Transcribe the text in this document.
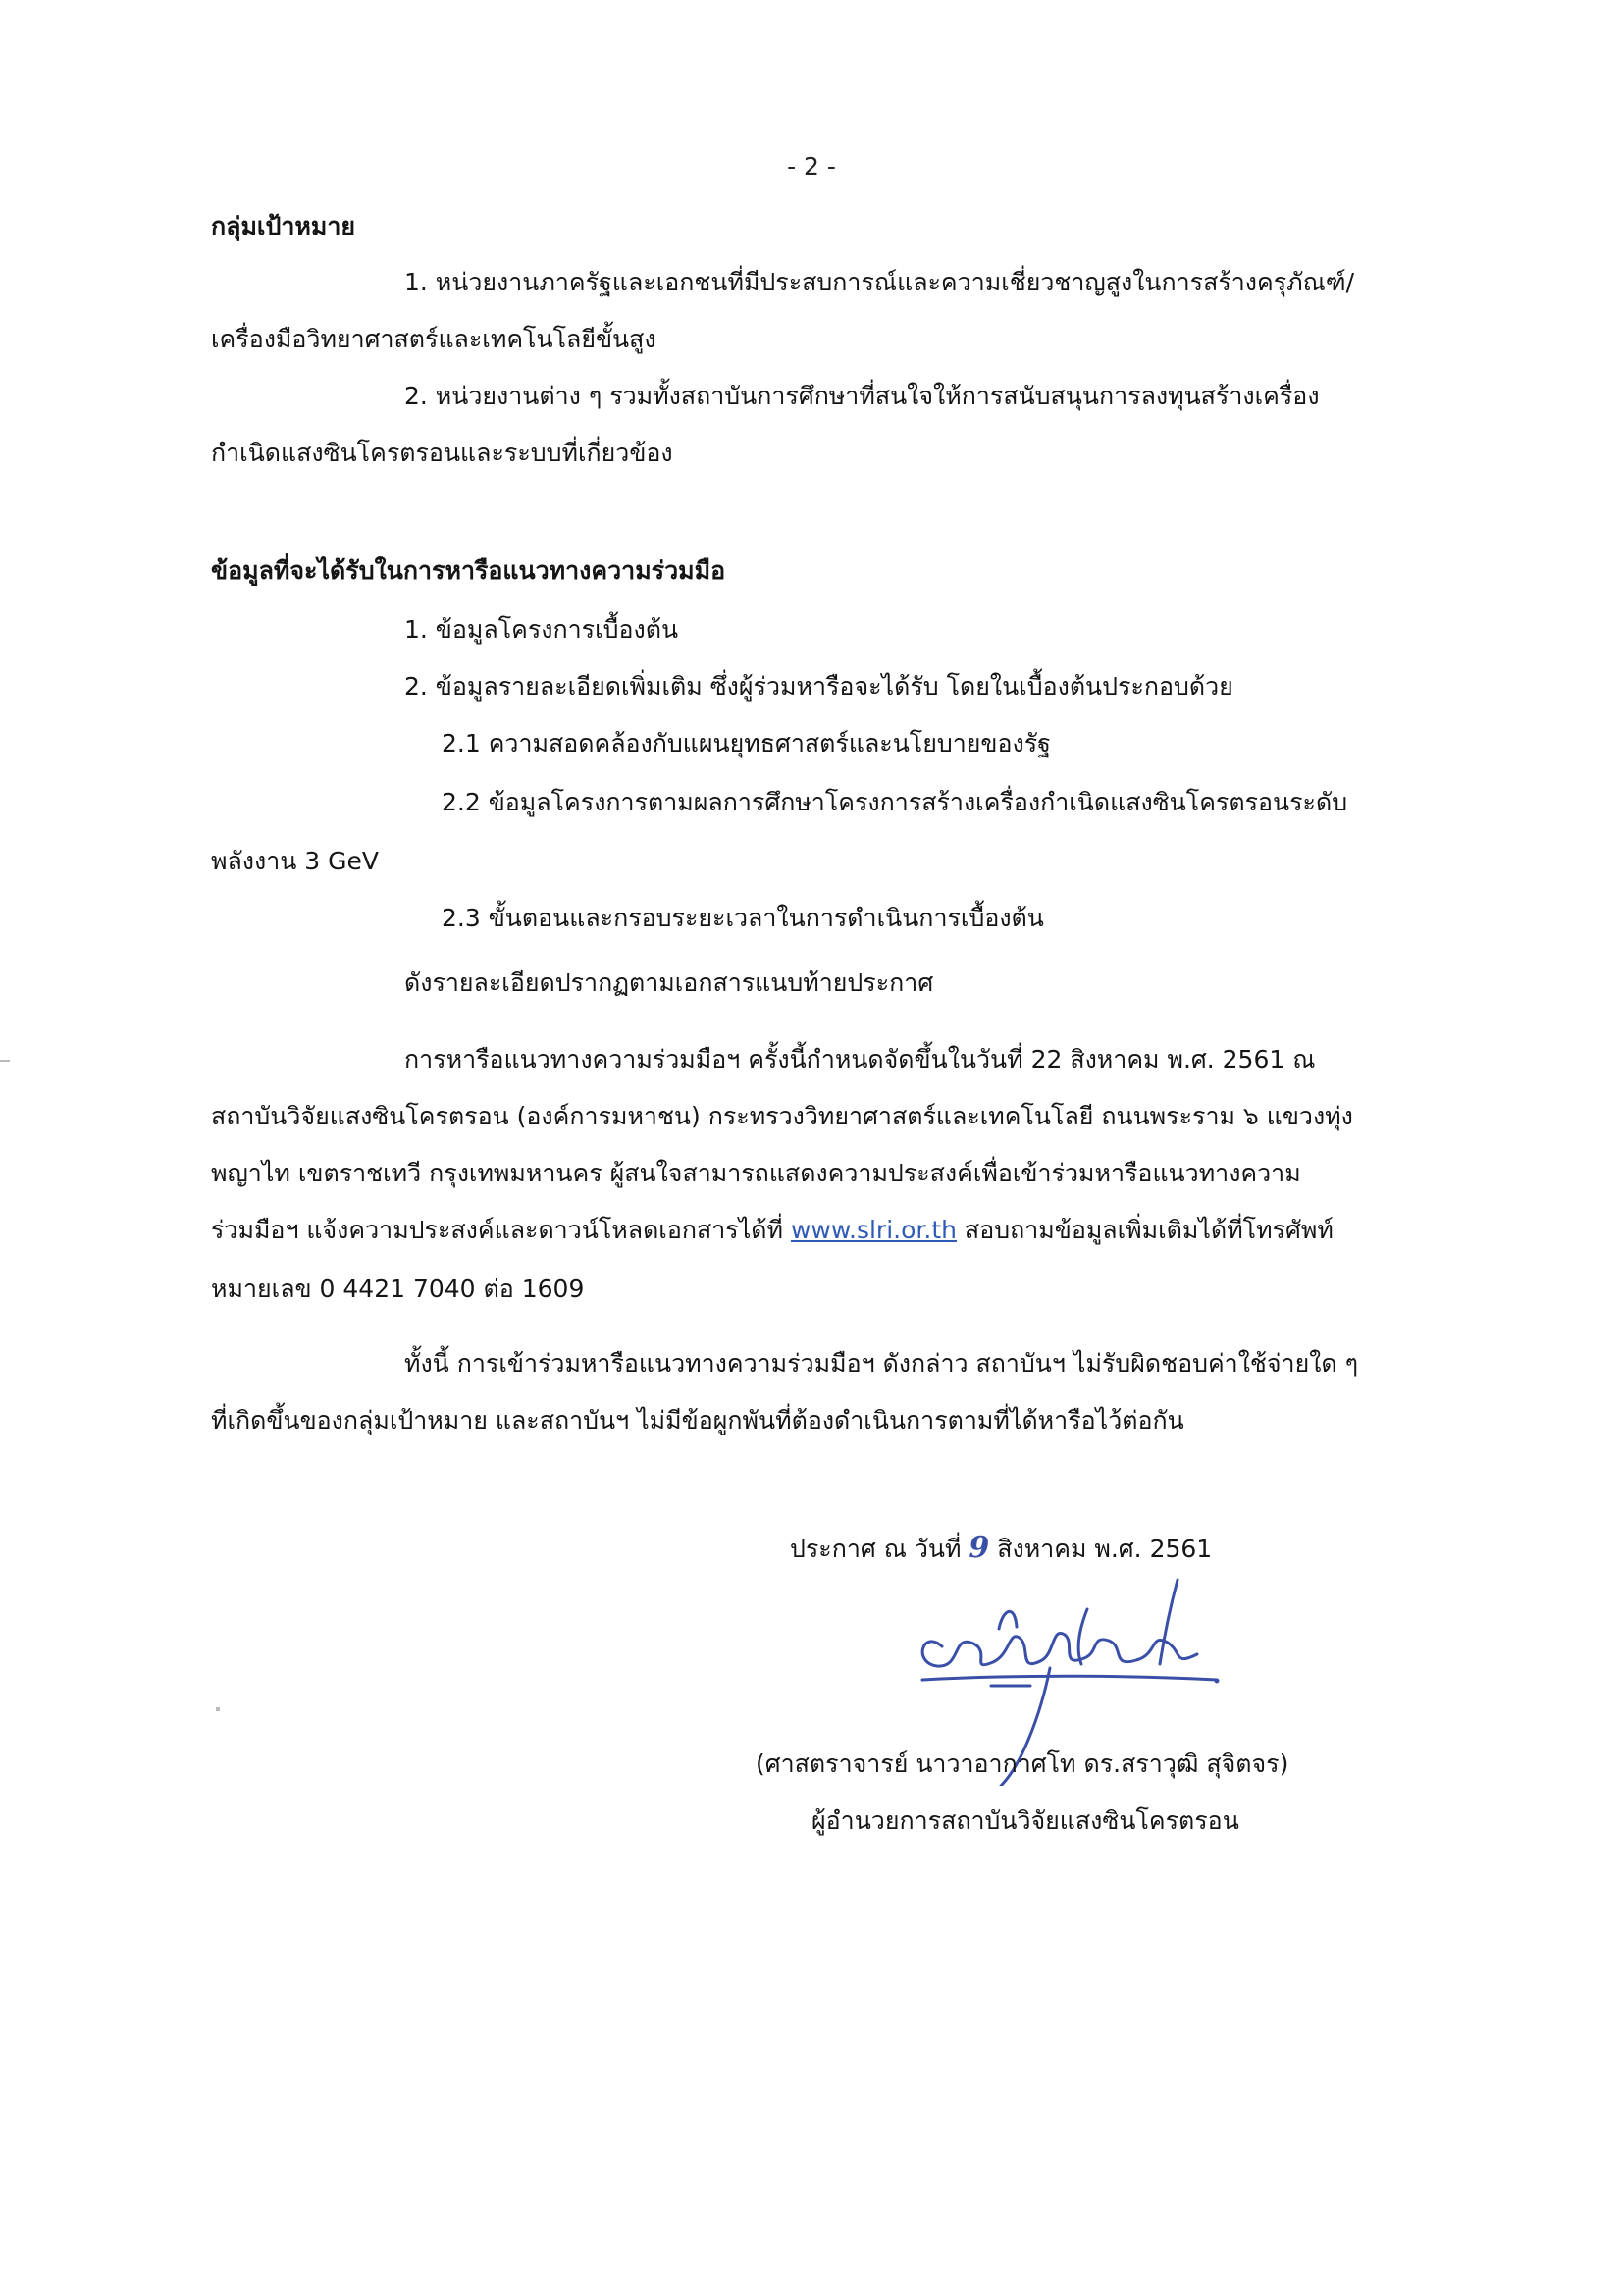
- 2 -
กลุ่มเป้าหมาย
1. หน่วยงานภาครัฐและเอกชนที่มีประสบการณ์และความเชี่ยวชาญสูงในการสร้างครุภัณฑ์/
เครื่องมือวิทยาศาสตร์และเทคโนโลยีขั้นสูง
2. หน่วยงานต่าง ๆ รวมทั้งสถาบันการศึกษาที่สนใจให้การสนับสนุนการลงทุนสร้างเครื่อง
กำเนิดแสงซินโครตรอนและระบบที่เกี่ยวข้อง
ข้อมูลที่จะได้รับในการหารือแนวทางความร่วมมือ
1. ข้อมูลโครงการเบื้องต้น
2. ข้อมูลรายละเอียดเพิ่มเติม ซึ่งผู้ร่วมหารือจะได้รับ โดยในเบื้องต้นประกอบด้วย
2.1 ความสอดคล้องกับแผนยุทธศาสตร์และนโยบายของรัฐ
2.2 ข้อมูลโครงการตามผลการศึกษาโครงการสร้างเครื่องกำเนิดแสงซินโครตรอนระดับ
พลังงาน 3 GeV
2.3 ขั้นตอนและกรอบระยะเวลาในการดำเนินการเบื้องต้น
ดังรายละเอียดปรากฏตามเอกสารแนบท้ายประกาศ
การหารือแนวทางความร่วมมือฯ ครั้งนี้กำหนดจัดขึ้นในวันที่ 22 สิงหาคม พ.ศ. 2561 ณ
สถาบันวิจัยแสงซินโครตรอน (องค์การมหาชน) กระทรวงวิทยาศาสตร์และเทคโนโลยี ถนนพระราม ๖ แขวงทุ่ง
พญาไท เขตราชเทวี กรุงเทพมหานคร ผู้สนใจสามารถแสดงความประสงค์เพื่อเข้าร่วมหารือแนวทางความ
ร่วมมือฯ แจ้งความประสงค์และดาวน์โหลดเอกสารได้ที่ www.slri.or.th สอบถามข้อมูลเพิ่มเติมได้ที่โทรศัพท์
หมายเลข 0 4421 7040 ต่อ 1609
ทั้งนี้ การเข้าร่วมหารือแนวทางความร่วมมือฯ ดังกล่าว สถาบันฯ ไม่รับผิดชอบค่าใช้จ่ายใด ๆ
ที่เกิดขึ้นของกลุ่มเป้าหมาย และสถาบันฯ ไม่มีข้อผูกพันที่ต้องดำเนินการตามที่ได้หารือไว้ต่อกัน
ประกาศ ณ วันที่ 9 สิงหาคม พ.ศ. 2561
(ศาสตราจารย์ นาวาอากาศโท ดร.สราวุฒิ สุจิตจร)
ผู้อำนวยการสถาบันวิจัยแสงซินโครตรอน
